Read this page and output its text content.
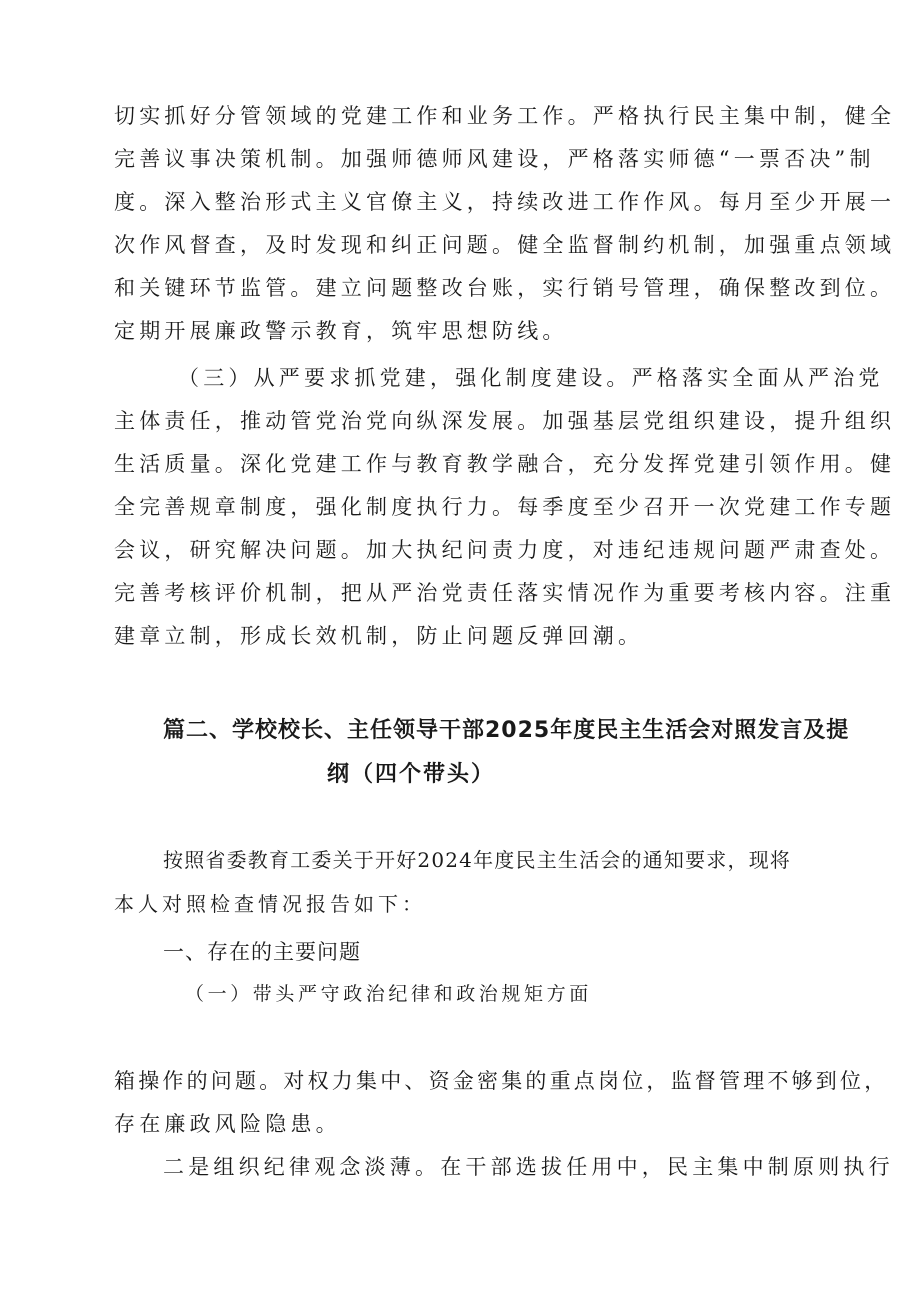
切实抓好分管领域的党建工作和业务工作。严格执行民主集中制，健全
完善议事决策机制。加强师德师风建设，严格落实师德“一票否决”制
度。深入整治形式主义官僚主义，持续改进工作作风。每月至少开展一
次作风督查，及时发现和纠正问题。健全监督制约机制，加强重点领域
和关键环节监管。建立问题整改台账，实行销号管理，确保整改到位。
定期开展廉政警示教育，筑牢思想防线。
（三）从严要求抓党建，强化制度建设。严格落实全面从严治党
主体责任，推动管党治党向纵深发展。加强基层党组织建设，提升组织
生活质量。深化党建工作与教育教学融合，充分发挥党建引领作用。健
全完善规章制度，强化制度执行力。每季度至少召开一次党建工作专题
会议，研究解决问题。加大执纪问责力度，对违纪违规问题严肃查处。
完善考核评价机制，把从严治党责任落实情况作为重要考核内容。注重
建章立制，形成长效机制，防止问题反弹回潮。
篇二、学校校长、主任领导干部2025年度民主生活会对照发言及提
纲（四个带头）
按照省委教育工委关于开好2024年度民主生活会的通知要求，现将
本人对照检查情况报告如下：
一、存在的主要问题
（一）带头严守政治纪律和政治规矩方面
箱操作的问题。对权力集中、资金密集的重点岗位，监督管理不够到位，
存在廉政风险隐患。
二是组织纪律观念淡薄。在干部选拔任用中，民主集中制原则执行
